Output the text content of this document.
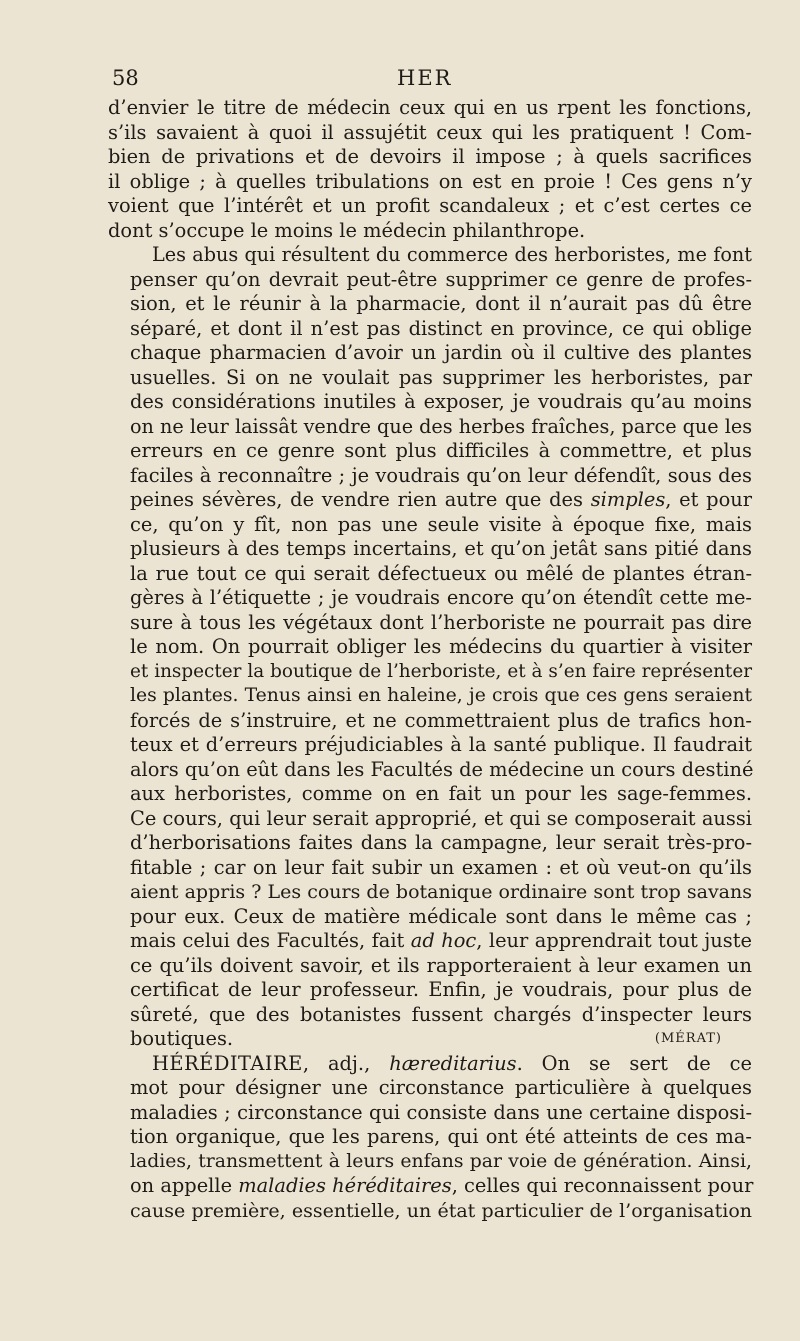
58	HER
d’envier le titre de médecin ceux qui en us rpent les fonctions,
s’ils savaient à quoi il assujétit ceux qui les pratiquent ! Com-
bien de privations et de devoirs il impose ; à quels sacrifices
il oblige ; à quelles tribulations on est en proie ! Ces gens n’y
voient que l’intérêt et un profit scandaleux ; et c’est certes ce
dont s’occupe le moins le médecin philanthrope.
Les abus qui résultent du commerce des herboristes, me font
penser qu’on devrait peut-être supprimer ce genre de profes-
sion, et le réunir à la pharmacie, dont il n’aurait pas dû être
séparé, et dont il n’est pas distinct en province, ce qui oblige
chaque pharmacien d’avoir un jardin où il cultive des plantes
usuelles. Si on ne voulait pas supprimer les herboristes, par
des considérations inutiles à exposer, je voudrais qu’au moins
on ne leur laissât vendre que des herbes fraîches, parce que les
erreurs en ce genre sont plus difficiles à commettre, et plus
faciles à reconnaître ; je voudrais qu’on leur défendît, sous des
peines sévères, de vendre rien autre que des simples, et pour
ce, qu’on y fît, non pas une seule visite à époque fixe, mais
plusieurs à des temps incertains, et qu’on jetât sans pitié dans
la rue tout ce qui serait défectueux ou mêlé de plantes étran-
gères à l’étiquette ; je voudrais encore qu’on étendît cette me-
sure à tous les végétaux dont l’herboriste ne pourrait pas dire
le nom. On pourrait obliger les médecins du quartier à visiter
et inspecter la boutique de l’herboriste, et à s’en faire représenter
les plantes. Tenus ainsi en haleine, je crois que ces gens seraient
forcés de s’instruire, et ne commettraient plus de trafics hon-
teux et d’erreurs préjudiciables à la santé publique. Il faudrait
alors qu’on eût dans les Facultés de médecine un cours destiné
aux herboristes, comme on en fait un pour les sage-femmes.
Ce cours, qui leur serait approprié, et qui se composerait aussi
d’herborisations faites dans la campagne, leur serait très-pro-
fitable ; car on leur fait subir un examen : et où veut-on qu’ils
aient appris ? Les cours de botanique ordinaire sont trop savans
pour eux. Ceux de matière médicale sont dans le même cas ;
mais celui des Facultés, fait ad hoc, leur apprendrait tout juste
ce qu’ils doivent savoir, et ils rapporteraient à leur examen un
certificat de leur professeur. Enfin, je voudrais, pour plus de
sûreté, que des botanistes fussent chargés d’inspecter leurs
boutiques.	(MÉRAT)
HÉRÉDITAIRE, adj., hæreditarius. On se sert de ce
mot pour désigner une circonstance particulière à quelques
maladies ; circonstance qui consiste dans une certaine disposi-
tion organique, que les parens, qui ont été atteints de ces ma-
ladies, transmettent à leurs enfans par voie de génération. Ainsi,
on appelle maladies héréditaires, celles qui reconnaissent pour
cause première, essentielle, un état particulier de l’organisation
